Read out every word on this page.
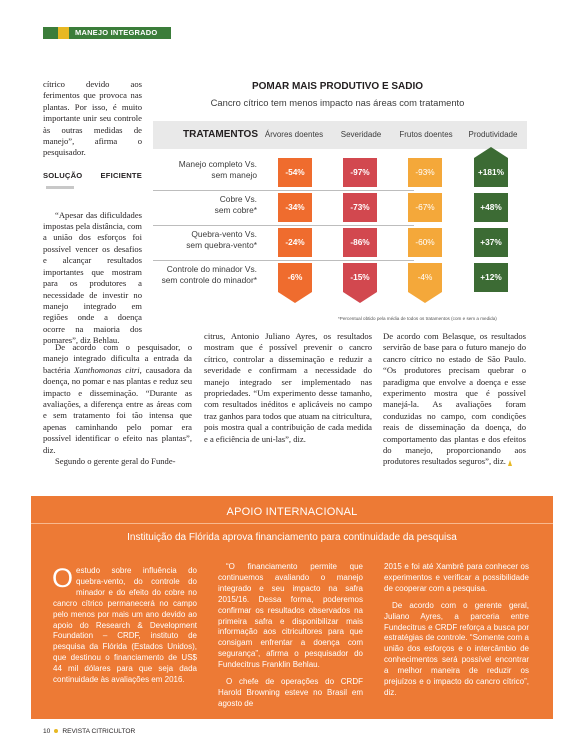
MANEJO INTEGRADO

cítrico devido aos ferimentos que provoca nas plantas. Por isso, é muito importante unir seu controle às outras medidas de manejo”, afirma o pesquisador.

SOLUÇÃO EFICIENTE

“Apesar das dificuldades impostas pela distância, com a união dos esforços foi possível vencer os desafios e alcançar resultados importantes que mostram para os produtores a necessidade de investir no manejo integrado em regiões onde a doença ocorre na maioria dos pomares”, diz Behlau.

De acordo com o pesquisador, o manejo integrado dificulta a entrada da bactéria Xanthomonas citri, causadora da doença, no pomar e nas plantas e reduz seu impacto e disseminação. “Durante as avaliações, a diferença entre as áreas com e sem tratamento foi tão intensa que apenas caminhando pelo pomar era possível identificar o efeito nas plantas”, diz.

Segundo o gerente geral do Funde-

citrus, Antonio Juliano Ayres, os resultados mostram que é possível prevenir o cancro cítrico, controlar a disseminação e reduzir a severidade e confirmam a necessidade do manejo integrado ser implementado nas propriedades. “Um experimento desse tamanho, com resultados inéditos e aplicáveis no campo traz ganhos para todos que atuam na citricultura, pois mostra qual a contribuição de cada medida e a eficiência de uni-las”, diz.

De acordo com Belasque, os resultados servirão de base para o futuro manejo do cancro cítrico no estado de São Paulo. “Os produtores precisam quebrar o paradigma que envolve a doença e esse experimento mostra que é possível manejá-la. As avaliações foram conduzidas no campo, com condições reais de disseminação da doença, do comportamento das plantas e dos efeitos do manejo, proporcionando aos produtores resultados seguros”, diz.

POMAR MAIS PRODUTIVO E SADIO
Cancro cítrico tem menos impacto nas áreas com tratamento
TRATAMENTOS Árvores doentes	Severidade	Frutos doentes	Produtividade
Manejo completo Vs.
sem manejo	-54%	-97%	-93%	+181%
Cobre Vs.
sem cobre*	-34%	-73%	-67%	+48%
Quebra-vento Vs.
sem quebra-vento*	-24%	-86%	-60%	+37%
Controle do minador Vs.
sem controle do minador*	-6%	-15%	-4%	+12%
*Percentual obtido pela média de todos os tratamentos (com e sem a medida)
APOIO INTERNACIONAL
Instituição da Flórida aprova financiamento para continuidade da pesquisa

Oestudo sobre influência do quebra-vento, do controle do minador e do efeito do cobre no cancro cítrico permanecerá no campo pelo menos por mais um ano devido ao apoio do Research & Development Foundation – CRDF, instituto de pesquisa da Flórida (Estados Unidos), que destinou o financiamento de US$ 44 mil dólares para que seja dada continuidade às avaliações em 2016.

“O financiamento permite que continuemos avaliando o manejo integrado e seu impacto na safra 2015/16. Dessa forma, poderemos confirmar os resultados observados na primeira safra e disponibilizar mais informação aos citricultores para que consigam enfrentar a doença com segurança”, afirma o pesquisador do Fundecitrus Franklin Behlau.

O chefe de operações do CRDF Harold Browning esteve no Brasil em agosto de

2015 e foi até Xambrê para conhecer os experimentos e verificar a possibilidade de cooperar com a pesquisa.

De acordo com o gerente geral, Juliano Ayres, a parceria entre Fundecitrus e CRDF reforça a busca por estratégias de controle. “Somente com a união dos esforços e o intercâmbio de conhecimentos será possível encontrar a melhor maneira de reduzir os prejuízos e o impacto do cancro cítrico”, diz.

10 REVISTA CITRICULTOR
